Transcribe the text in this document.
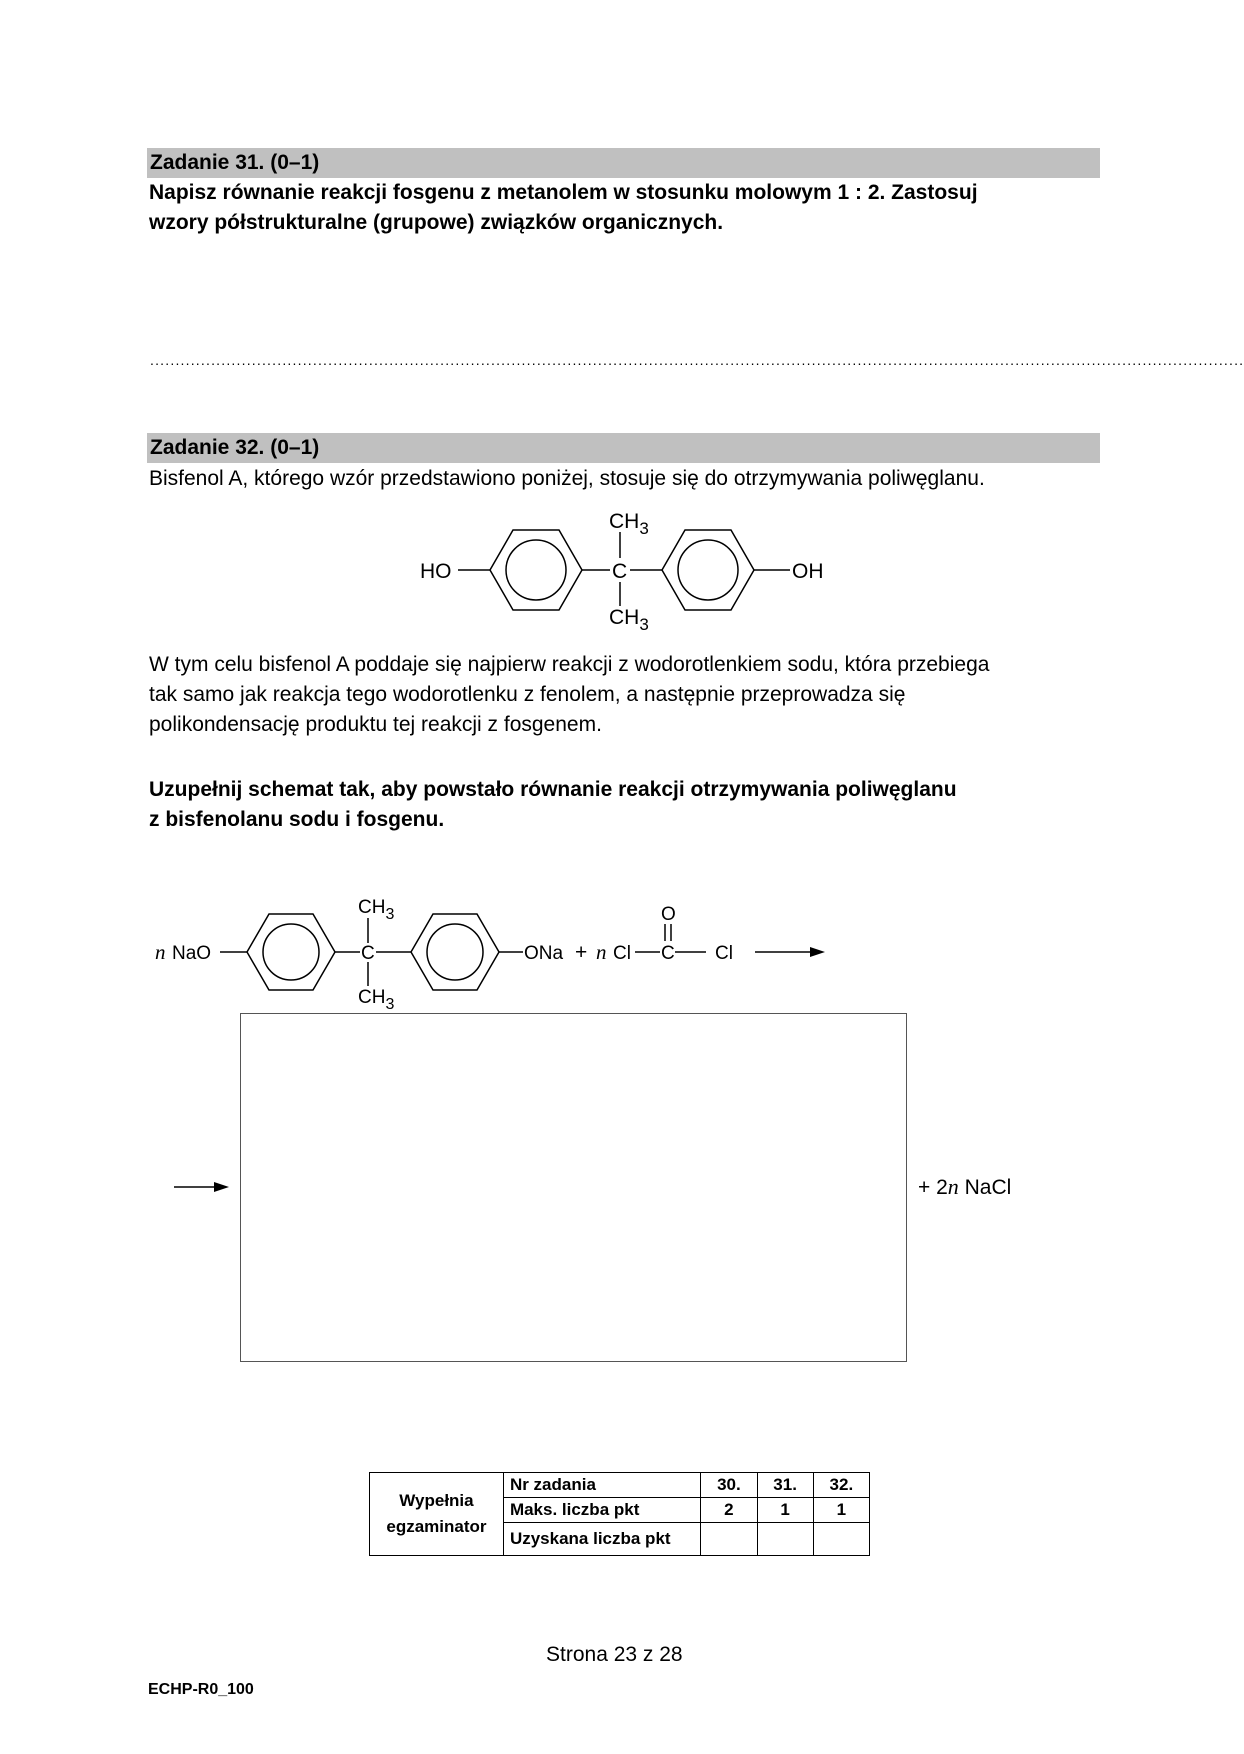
Zadanie 31. (0–1)
Napisz równanie reakcji fosgenu z metanolem w stosunku molowym 1 : 2. Zastosuj
wzory półstrukturalne (grupowe) związków organicznych.
.......................................................................................................................................................................................................................
Zadanie 32. (0–1)
Bisfenol A, którego wzór przedstawiono poniżej, stosuje się do otrzymywania poliwęglanu.
HO	C
$CH_3$
$CH_3$
OH
W tym celu bisfenol A poddaje się najpierw reakcji z wodorotlenkiem sodu, która przebiega
tak samo jak reakcja tego wodorotlenku z fenolem, a następnie przeprowadza się
polikondensację produktu tej reakcji z fosgenem.
Uzupełnij schemat tak, aby powstało równanie reakcji otrzymywania poliwęglanu
z bisfenolanu sodu i fosgenu.
n NaO	C
$CH_3$
$CH_3$
ONa + n Cl
O
C Cl
+ 2n NaCl
Wypełnia
egzaminator	Nr zadania	30.	31.	32.
	Maks. liczba pkt	2	1	1
	Uzyskana liczba pkt			
Strona 23 z 28
ECHP-R0_100
